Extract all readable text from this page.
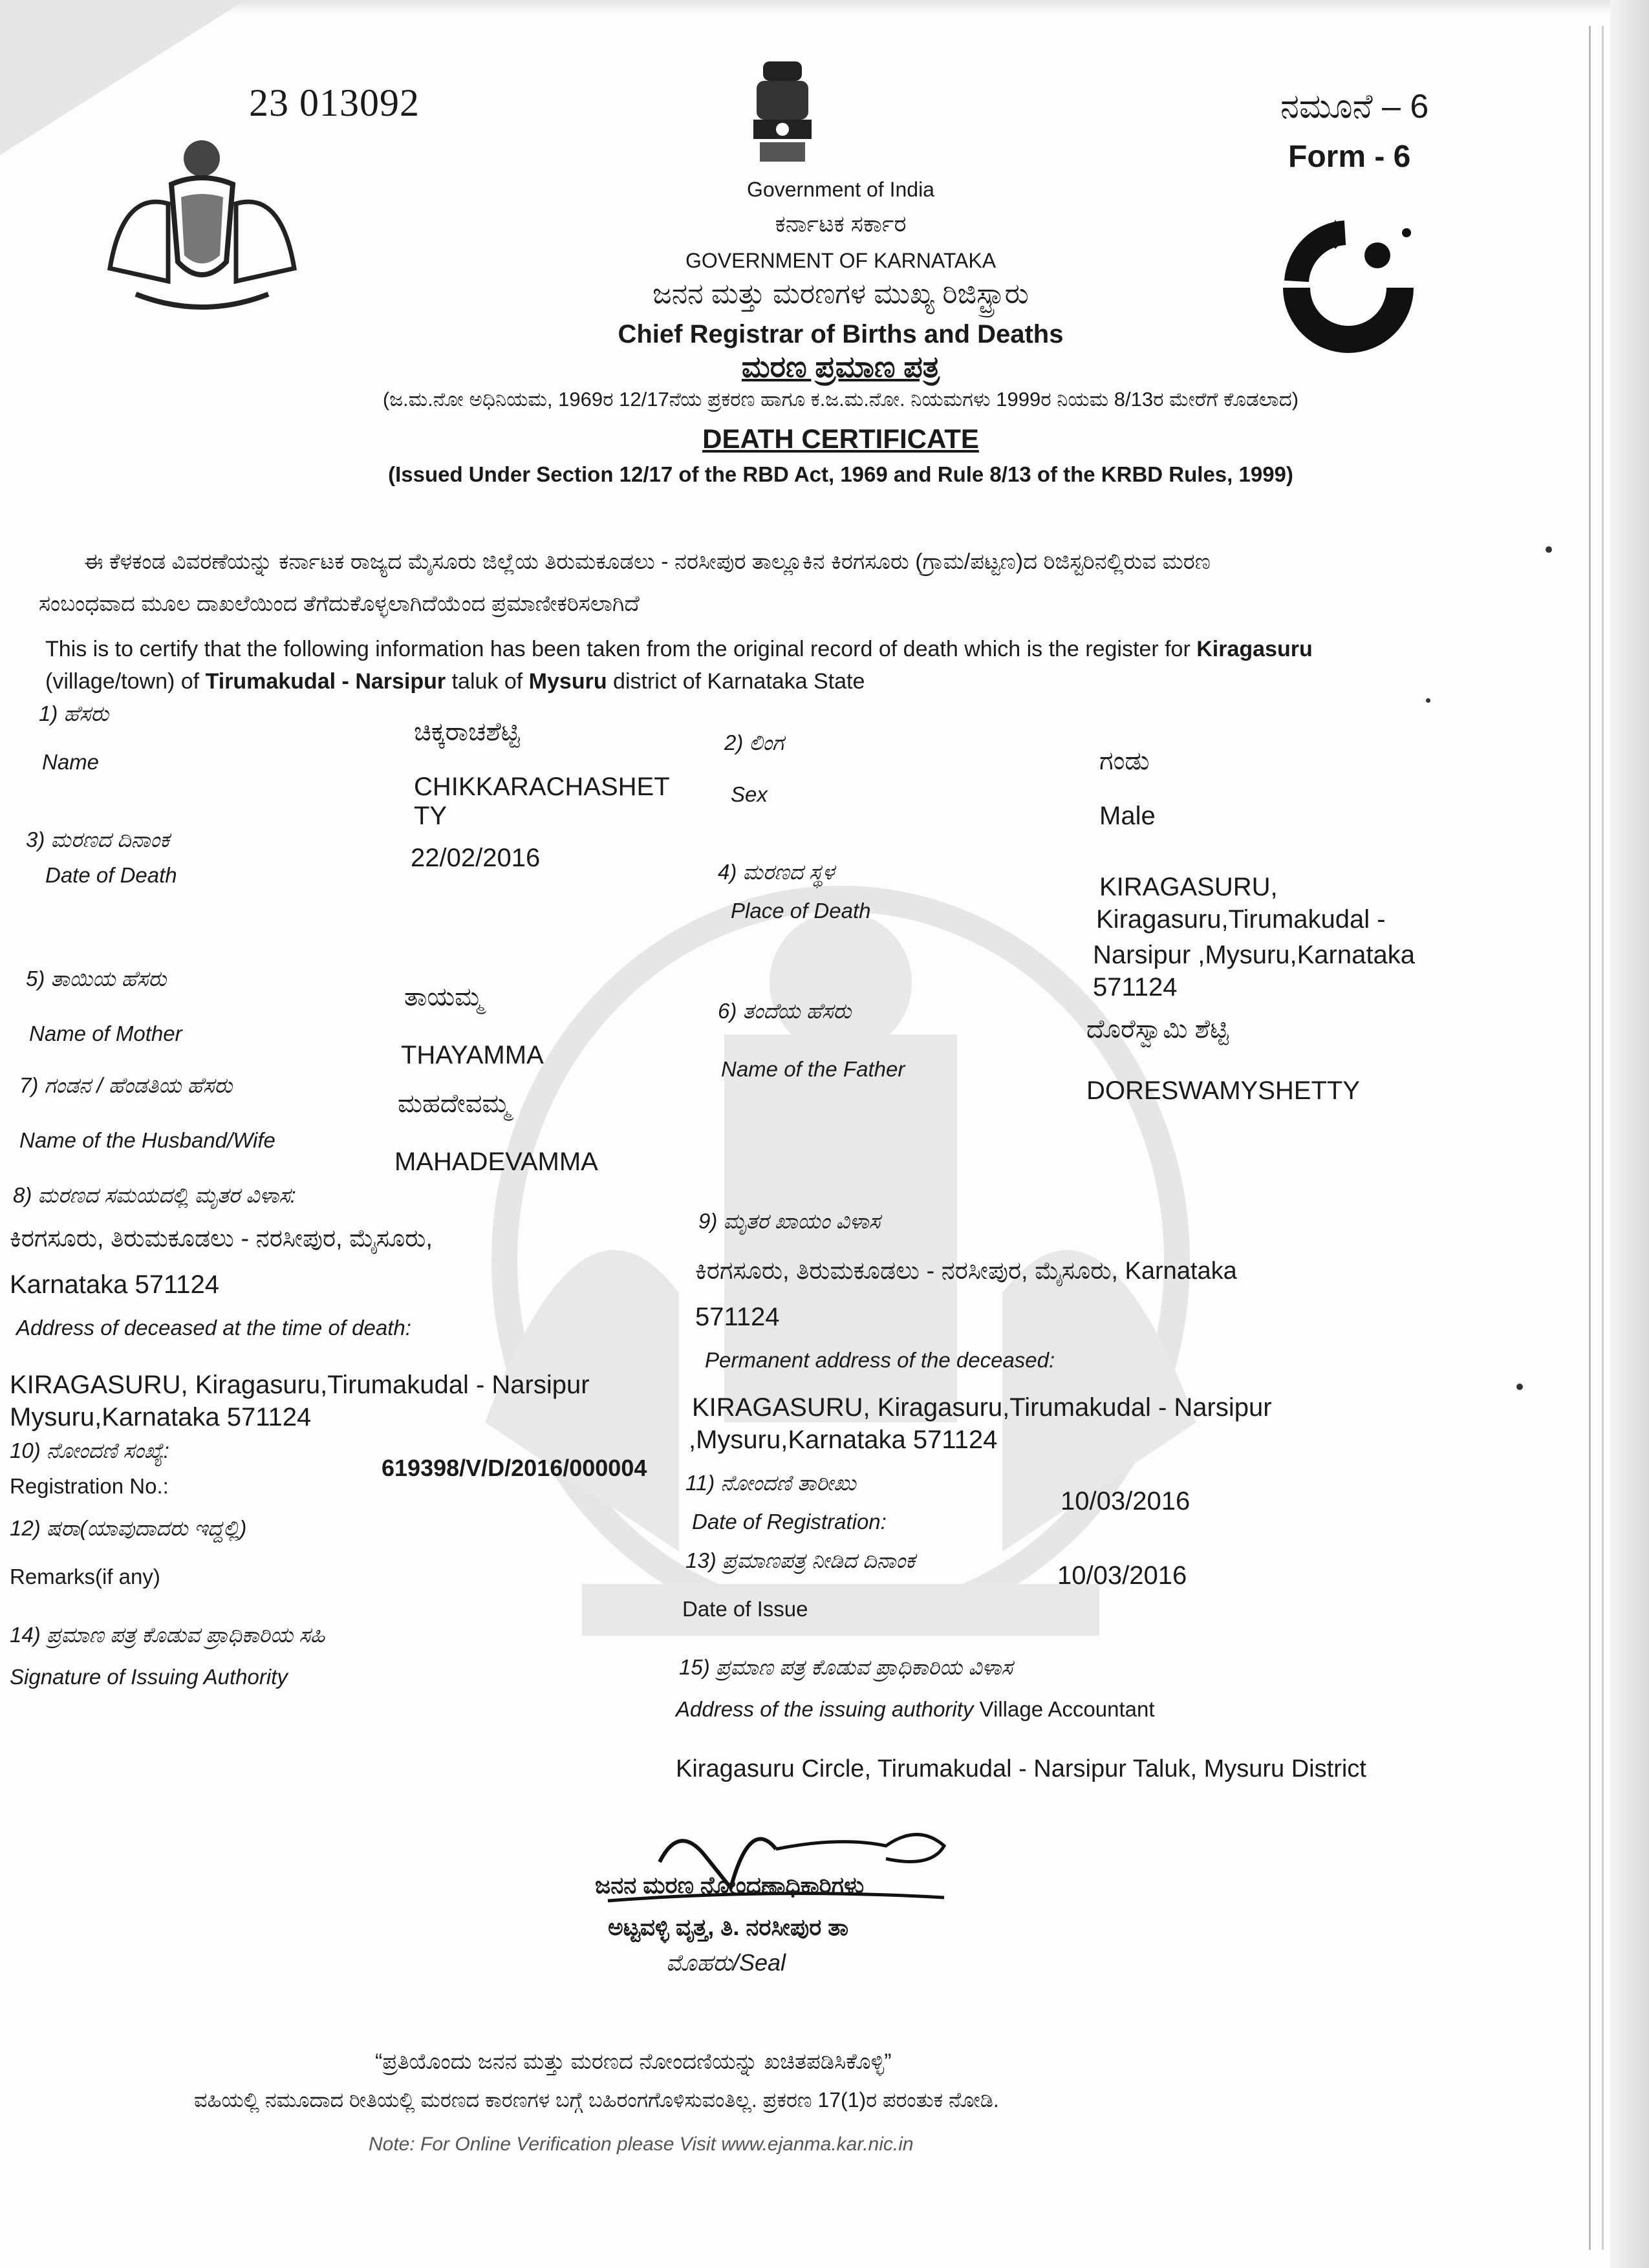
23 013092	ನಮೂನೆ – 6
Form - 6
Government of India
ಕರ್ನಾಟಕ ಸರ್ಕಾರ
GOVERNMENT OF KARNATAKA
ಜನನ ಮತ್ತು ಮರಣಗಳ ಮುಖ್ಯ ರಿಜಿಸ್ಟ್ರಾರು
Chief Registrar of Births and Deaths
ಮರಣ ಪ್ರಮಾಣ ಪತ್ರ
(ಜ.ಮ.ನೋ ಅಧಿನಿಯಮ, 1969ರ 12/17ನೆಯ ಪ್ರಕರಣ ಹಾಗೂ ಕ.ಜ.ಮ.ನೋ. ನಿಯಮಗಳು 1999ರ ನಿಯಮ 8/13ರ ಮೇರೆಗೆ ಕೊಡಲಾದ)
DEATH CERTIFICATE
(Issued Under Section 12/17 of the RBD Act, 1969 and Rule 8/13 of the KRBD Rules, 1999)
ಈ ಕೆಳಕಂಡ ವಿವರಣೆಯನ್ನು ಕರ್ನಾಟಕ ರಾಜ್ಯದ ಮೈಸೂರು ಜಿಲ್ಲೆಯ ತಿರುಮಕೂಡಲು - ನರಸೀಪುರ ತಾಲ್ಲೂಕಿನ ಕಿರಗಸೂರು (ಗ್ರಾಮ/ಪಟ್ಟಣ)ದ ರಿಜಿಸ್ಟರಿನಲ್ಲಿರುವ ಮರಣ
ಸಂಬಂಧವಾದ ಮೂಲ ದಾಖಲೆಯಿಂದ ತೆಗೆದುಕೊಳ್ಳಲಾಗಿದೆಯೆಂದ ಪ್ರಮಾಣೀಕರಿಸಲಾಗಿದೆ
This is to certify that the following information has been taken from the original record of death which is the register for Kiragasuru
(village/town) of Tirumakudal - Narsipur taluk of Mysuru district of Karnataka State
1) ಹೆಸರು
Name
ಚಿಕ್ಕರಾಚಶೆಟ್ಟಿ
CHIKKARACHASHET
TY
2) ಲಿಂಗ
Sex
ಗಂಡು
Male
3) ಮರಣದ ದಿನಾಂಕ
Date of Death
22/02/2016	4) ಮರಣದ ಸ್ಥಳ
Place of Death
KIRAGASURU,
Kiragasuru,Tirumakudal -
Narsipur ,Mysuru,Karnataka
571124
5) ತಾಯಿಯ ಹೆಸರು
Name of Mother
ತಾಯಮ್ಮ
THAYAMMA
6) ತಂದೆಯ ಹೆಸರು
Name of the Father
ದೊರೆಸ್ವಾಮಿ ಶೆಟ್ಟಿ
DORESWAMYSHETTY
7) ಗಂಡನ / ಹೆಂಡತಿಯ ಹೆಸರು
Name of the Husband/Wife
ಮಹದೇವಮ್ಮ
MAHADEVAMMA
8) ಮರಣದ ಸಮಯದಲ್ಲಿ ಮೃತರ ವಿಳಾಸ:
ಕಿರಗಸೂರು, ತಿರುಮಕೂಡಲು - ನರಸೀಪುರ, ಮೈಸೂರು,
Karnataka 571124
Address of deceased at the time of death:
KIRAGASURU, Kiragasuru,Tirumakudal - Narsipur
Mysuru,Karnataka 571124
9) ಮೃತರ ಖಾಯಂ ವಿಳಾಸ
ಕಿರಗಸೂರು, ತಿರುಮಕೂಡಲು - ನರಸೀಪುರ, ಮೈಸೂರು, Karnataka
571124
Permanent address of the deceased:
KIRAGASURU, Kiragasuru,Tirumakudal - Narsipur
,Mysuru,Karnataka 571124
10) ನೋಂದಣಿ ಸಂಖ್ಯೆ:
Registration No.:
619398/V/D/2016/000004
11) ನೋಂದಣಿ ತಾರೀಖು
Date of Registration:
10/03/2016
12) ಷರಾ(ಯಾವುದಾದರು ಇದ್ದಲ್ಲಿ)
Remarks(if any)
13) ಪ್ರಮಾಣಪತ್ರ ನೀಡಿದ ದಿನಾಂಕ
Date of Issue
10/03/2016
14) ಪ್ರಮಾಣ ಪತ್ರ ಕೊಡುವ ಪ್ರಾಧಿಕಾರಿಯ ಸಹಿ
Signature of Issuing Authority	15) ಪ್ರಮಾಣ ಪತ್ರ ಕೊಡುವ ಪ್ರಾಧಿಕಾರಿಯ ವಿಳಾಸ
Address of the issuing authority Village Accountant
Kiragasuru Circle, Tirumakudal - Narsipur Taluk, Mysuru District
ಜನನ ಮರಣ ನೋಂದಣಾಧಿಕಾರಿಗಳು
ಅಟ್ಟವಳ್ಳಿ ವೃತ್ತ, ತಿ. ನರಸೀಪುರ ತಾ
ಮೊಹರು/Seal
“ಪ್ರತಿಯೊಂದು ಜನನ ಮತ್ತು ಮರಣದ ನೋಂದಣಿಯನ್ನು ಖಚಿತಪಡಿಸಿಕೊಳ್ಳಿ”
ವಹಿಯಲ್ಲಿ ನಮೂದಾದ ರೀತಿಯಲ್ಲಿ ಮರಣದ ಕಾರಣಗಳ ಬಗ್ಗೆ ಬಹಿರಂಗಗೊಳಿಸುವಂತಿಲ್ಲ. ಪ್ರಕರಣ 17(1)ರ ಪರಂತುಕ ನೋಡಿ.
Note: For Online Verification please Visit www.ejanma.kar.nic.in
